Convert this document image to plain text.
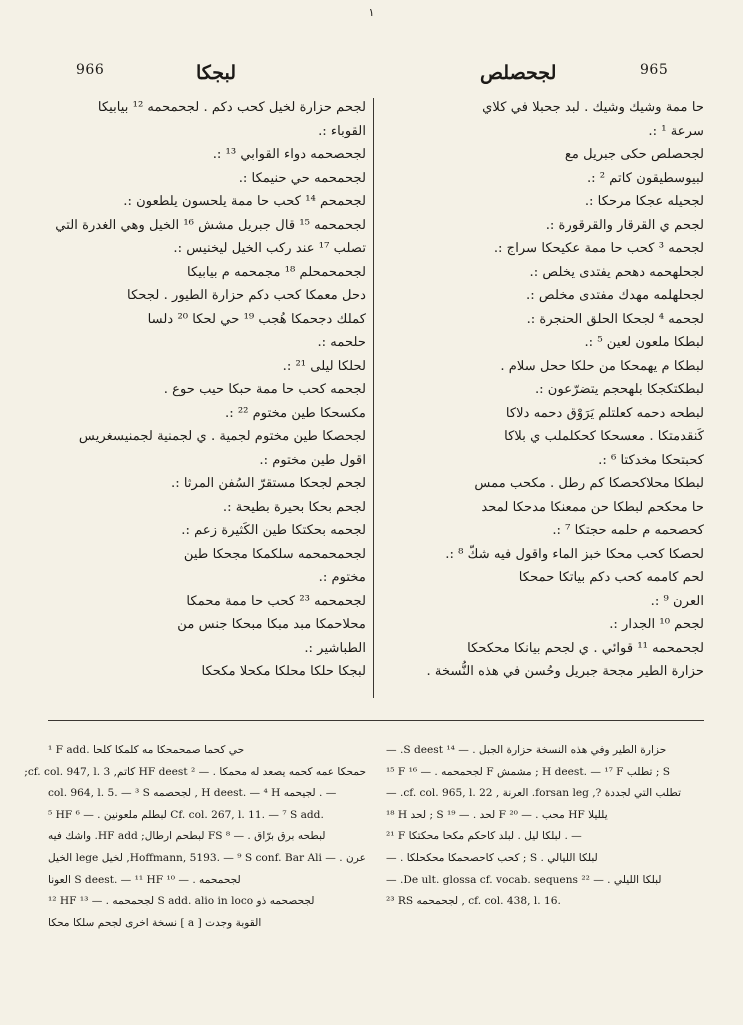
١
966	لبجكا	لجحصلص	965
لجحم حزارة لخيل كحب دكم . لجحمحمه ¹² بيابيكا
القوباء :.
لجحصحمه دواء القوابي ¹³ :.
لجحمحمه حي حنيمكا :.
لجحمحم ¹⁴ كحب حا ممة يلحسون يلطعون :.
لجحمحمه ¹⁵ قال جبريل مشش ¹⁶ الخيل وهي الغدرة التي
تصلب ¹⁷ عند ركب الخيل ليخنيس :.
لجحمحمحلم ¹⁸ مجمحمه م بيابيكا
دحل معمكا كحب دكم حزارة الطيور . لجحكا
كملك دجحمكا هُجب ¹⁹ حي لحكا ²⁰ دلسا
حلحمه :.
لحلكا ليلى ²¹ :.
لجحمه كحب حا ممة حبكا حيب حوع .
مكسحكا طين مختوم ²² :.
لجحصكا طين مختوم لجمية . ي لجمنية لجمنيسغريس
اقول طين مختوم :.
لجحم لجحكا مستقرّ السُفن المرثا :.
لجحم بحكا بحيرة بطيحة :.
لجحمه بحكتكا طين الكَثيرة زعم :.
لجحمحمحمه سلكمكا مجحكا طين
مختوم :.
لجحمحمه ²³ كحب حا ممة محمكا
محلاحمكا مبد مبكا مبحكا جنس من
الطباشير :.
لبجكا حلكا محلكا مكحلا مكحكا
حا ممة وشيك وشيك . لبد جحبلا في كلاي
سرعة ¹ :.
لجحصلص حكى جبريل مع
لبيوسطيقون كاتم ² :.
لجحيله عجكا مرحكا :.
لجحم ي القرقار والقرقورة :.
لجحمه ³ كحب حا ممة عكيحكا سراج :.
لجحلهحمه دهحم يفتدى يخلص :.
لجحلهلمه مهدك مفتدى مخلص :.
لجحمه ⁴ لجحكا الحلق الحنجرة :.
لبطكا ملعون لعين ⁵ :.
لبطكا م يهمحكا من حلكا ححل سلام .
لبطكتكجكا بلهحجم يتضرّعون :.
لبطحه دحمه كعلتلم يَرَوْق دحمه دلاكا
كَنقدمتكا . معسحكا كحكلملب ي بلاكا
كحبتحكا مخدكتا ⁶ :.
لبطكا محلاكحصكا كم رطل . مكحب ممس
حا محكحم لبطكا حن ممعنكا مدحكا لمحد
كحصحمه م حلمه حجتكا ⁷ :.
لحصكا كحب محكا خبز الماء واقول فيه شكّ ⁸ :.
لحم كاممه كحب دكم بياتكا حمحكا
العرن ⁹ :.
لجحم ¹⁰ الجدار :.
لجحمحمه ¹¹ قوائي . ي لجحم بيانكا محكحكا
حزارة الطير مجحة جبريل وحُسن في هذه النُّسخة .
¹ F add. حي كحما صمحمحكا مه كلمكا كلحا
حمحكا عمه كحمه يصعد له محمكا . — ² HF deest كاتم, cf. col. 947, l. 3;
col. 964, l. 5. — ³ S لجحصمه , H deest. — ⁴ H لجيحمه . —
⁵ HF لبطلم ملعونين . — ⁶ Cf. col. 267, l. 11. — ⁷ S add.
لبطحه برق برّاق . — ⁸ FS لبطحم ارطال; HF add. واشك فيه
عرن . — Hoffmann, 5193. — ⁹ S conf. Bar Ali, لخيل lege الخيل
لجحمحمه . — ¹⁰ S deest. — ¹¹ HF العونا
¹² HF لجحمحمه . — ¹³ S add. alio in loco لجحصحمه ذو
القوبة وجدت [ a ] نسخة اخرى لجحم سلكا محكا
حزارة الطير وفي هذه النسخة حزارة الجبل . — ¹⁴ S deest. —
¹⁵ F لجحمحمه . — ¹⁶ F مشمش ; H deest. — ¹⁷ F تطلب ; S
تطلب التي لجددة ?, forsan leg. العرنة , cf. col. 965, l. 22. —
¹⁸ H لحد ; S لحد . — ¹⁹ F محب . — ²⁰ HF يلليلا
²¹ F لبلكا ليل . لبلد كاحكم مكحا محكتكا . —
لبلكا الليالي . S ; كحب كاحصحمكا محكحلكا . —
لبلكا الليلي . — ²² De ult. glossa cf. vocab. sequens. —
²³ RS لجحمحمه , cf. col. 438, l. 16.
